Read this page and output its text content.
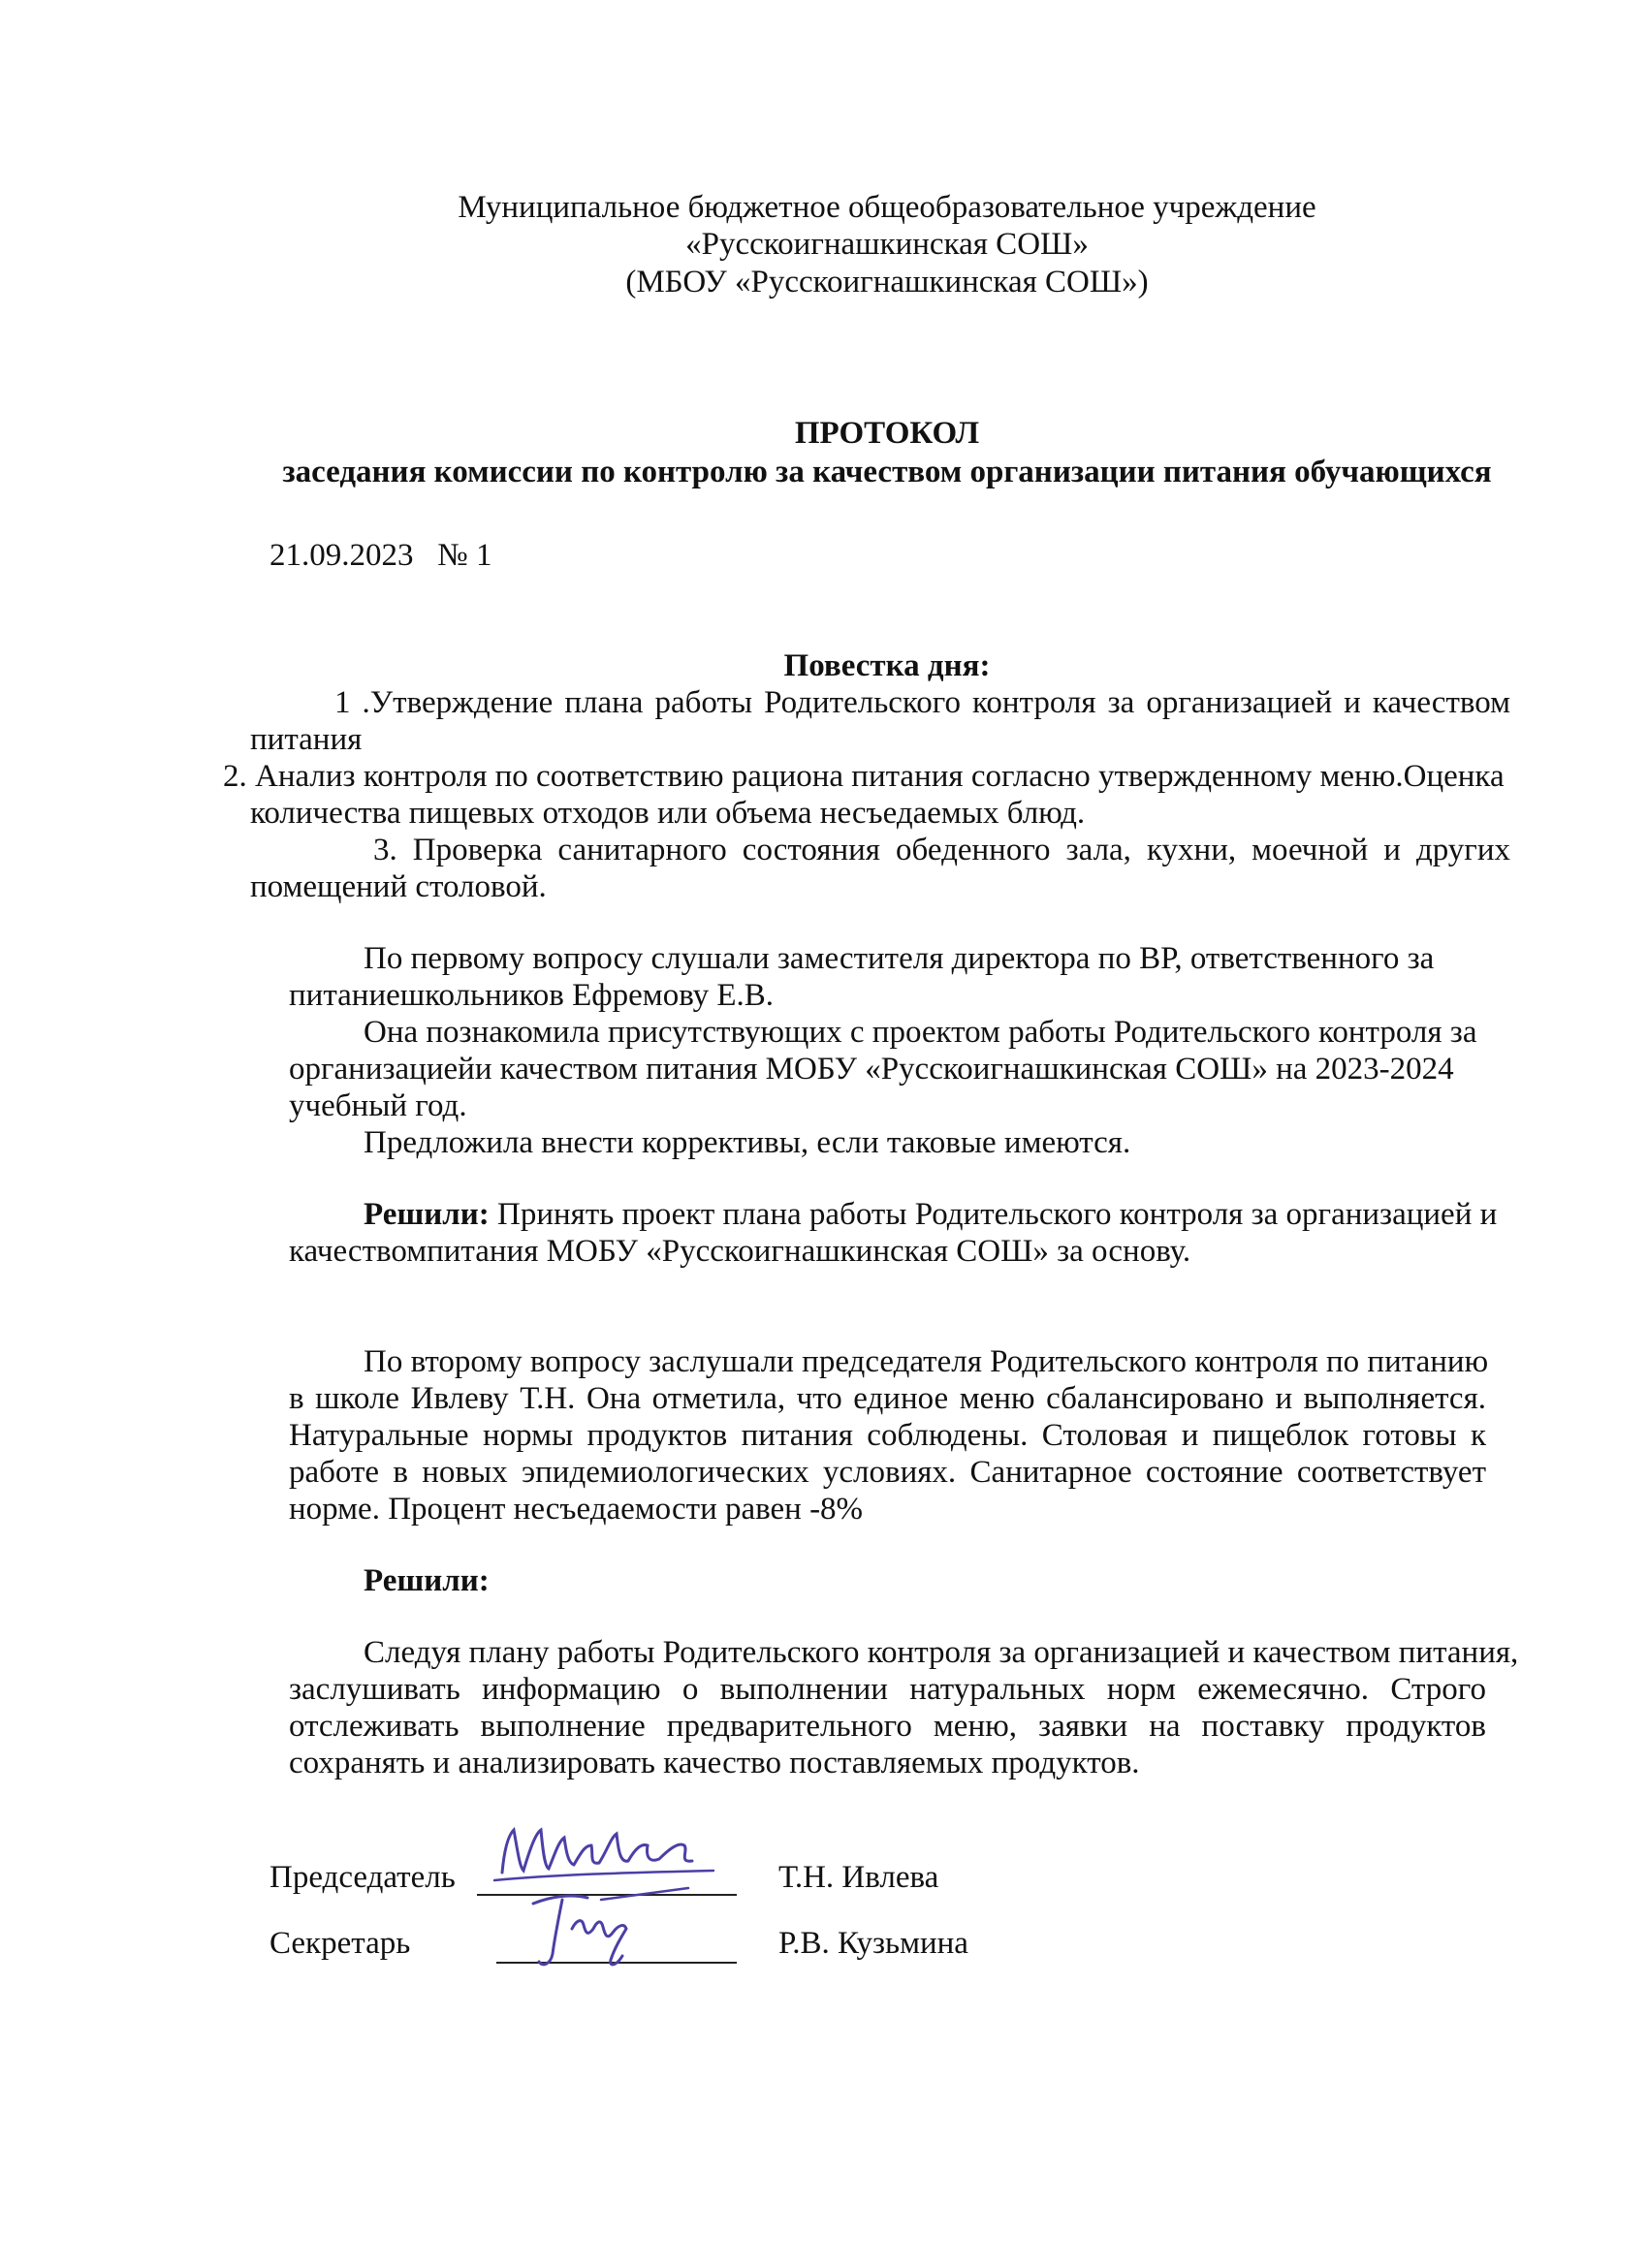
Муниципальное бюджетное общеобразовательное учреждение

«Русскоигнашкинская СОШ»

(МБОУ «Русскоигнашкинская СОШ»)

ПРОТОКОЛ

заседания комиссии по контролю за качеством организации питания обучающихся

21.09.2023 № 1

Повестка дня:

1 .Утверждение плана работы Родительского контроля за организацией и качеством

питания

2. Анализ контроля по соответствию рациона питания согласно утвержденному меню.Оценка

количества пищевых отходов или объема несъедаемых блюд.

3. Проверка санитарного состояния обеденного зала, кухни, моечной и других

помещений столовой.

По первому вопросу слушали заместителя директора по ВР, ответственного за

питаниешкольников Ефремову Е.В.

Она познакомила присутствующих с проектом работы Родительского контроля за

организациейи качеством питания МОБУ «Русскоигнашкинская СОШ» на 2023-2024

учебный год.

Предложила внести коррективы, если таковые имеются.

Решили: Принять проект плана работы Родительского контроля за организацией и

качествомпитания МОБУ «Русскоигнашкинская СОШ» за основу.

По второму вопросу заслушали председателя Родительского контроля по питанию

в школе Ивлеву Т.Н. Она отметила, что единое меню сбалансировано и выполняется.

Натуральные нормы продуктов питания соблюдены. Столовая и пищеблок готовы к

работе в новых эпидемиологических условиях. Санитарное состояние соответствует

норме. Процент несъедаемости равен -8%

Решили:

Следуя плану работы Родительского контроля за организацией и качеством питания,

заслушивать информацию о выполнении натуральных норм ежемесячно. Строго

отслеживать выполнение предварительного меню, заявки на поставку продуктов

сохранять и анализировать качество поставляемых продуктов.

Председатель	Т.Н. Ивлева

Секретарь	Р.В. Кузьмина
